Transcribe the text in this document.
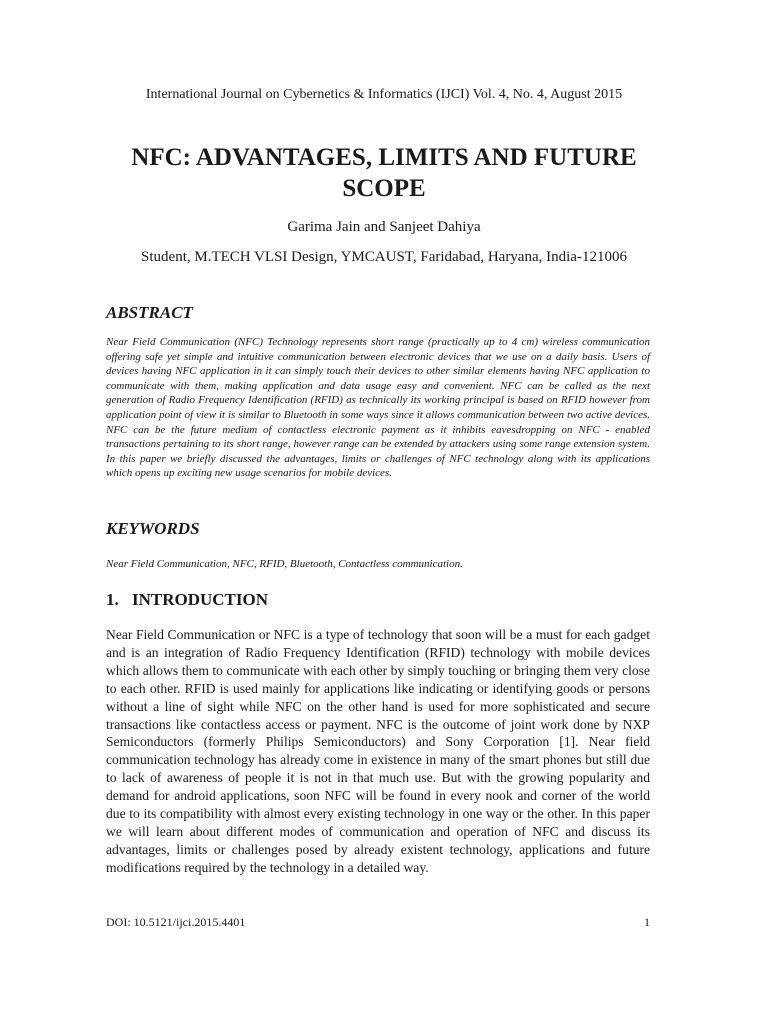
International Journal on Cybernetics & Informatics (IJCI) Vol. 4, No. 4, August 2015
NFC: ADVANTAGES, LIMITS AND FUTURE SCOPE
Garima Jain and Sanjeet Dahiya
Student, M.TECH VLSI Design, YMCAUST, Faridabad, Haryana, India-121006
ABSTRACT

Near Field Communication (NFC) Technology represents short range (practically up to 4 cm) wireless communication offering safe yet simple and intuitive communication between electronic devices that we use on a daily basis. Users of devices having NFC application in it can simply touch their devices to other similar elements having NFC application to communicate with them, making application and data usage easy and convenient. NFC can be called as the next generation of Radio Frequency Identification (RFID) as technically its working principal is based on RFID however from application point of view it is similar to Bluetooth in some ways since it allows communication between two active devices. NFC can be the future medium of contactless electronic payment as it inhibits eavesdropping on NFC - enabled transactions pertaining to its short range, however range can be extended by attackers using some range extension system. In this paper we briefly discussed the advantages, limits or challenges of NFC technology along with its applications which opens up exciting new usage scenarios for mobile devices.

KEYWORDS

Near Field Communication, NFC, RFID, Bluetooth, Contactless communication.

1. INTRODUCTION

Near Field Communication or NFC is a type of technology that soon will be a must for each gadget and is an integration of Radio Frequency Identification (RFID) technology with mobile devices which allows them to communicate with each other by simply touching or bringing them very close to each other. RFID is used mainly for applications like indicating or identifying goods or persons without a line of sight while NFC on the other hand is used for more sophisticated and secure transactions like contactless access or payment. NFC is the outcome of joint work done by NXP Semiconductors (formerly Philips Semiconductors) and Sony Corporation [1]. Near field communication technology has already come in existence in many of the smart phones but still due to lack of awareness of people it is not in that much use. But with the growing popularity and demand for android applications, soon NFC will be found in every nook and corner of the world due to its compatibility with almost every existing technology in one way or the other. In this paper we will learn about different modes of communication and operation of NFC and discuss its advantages, limits or challenges posed by already existent technology, applications and future modifications required by the technology in a detailed way.

DOI: 10.5121/ijci.2015.4401	1
